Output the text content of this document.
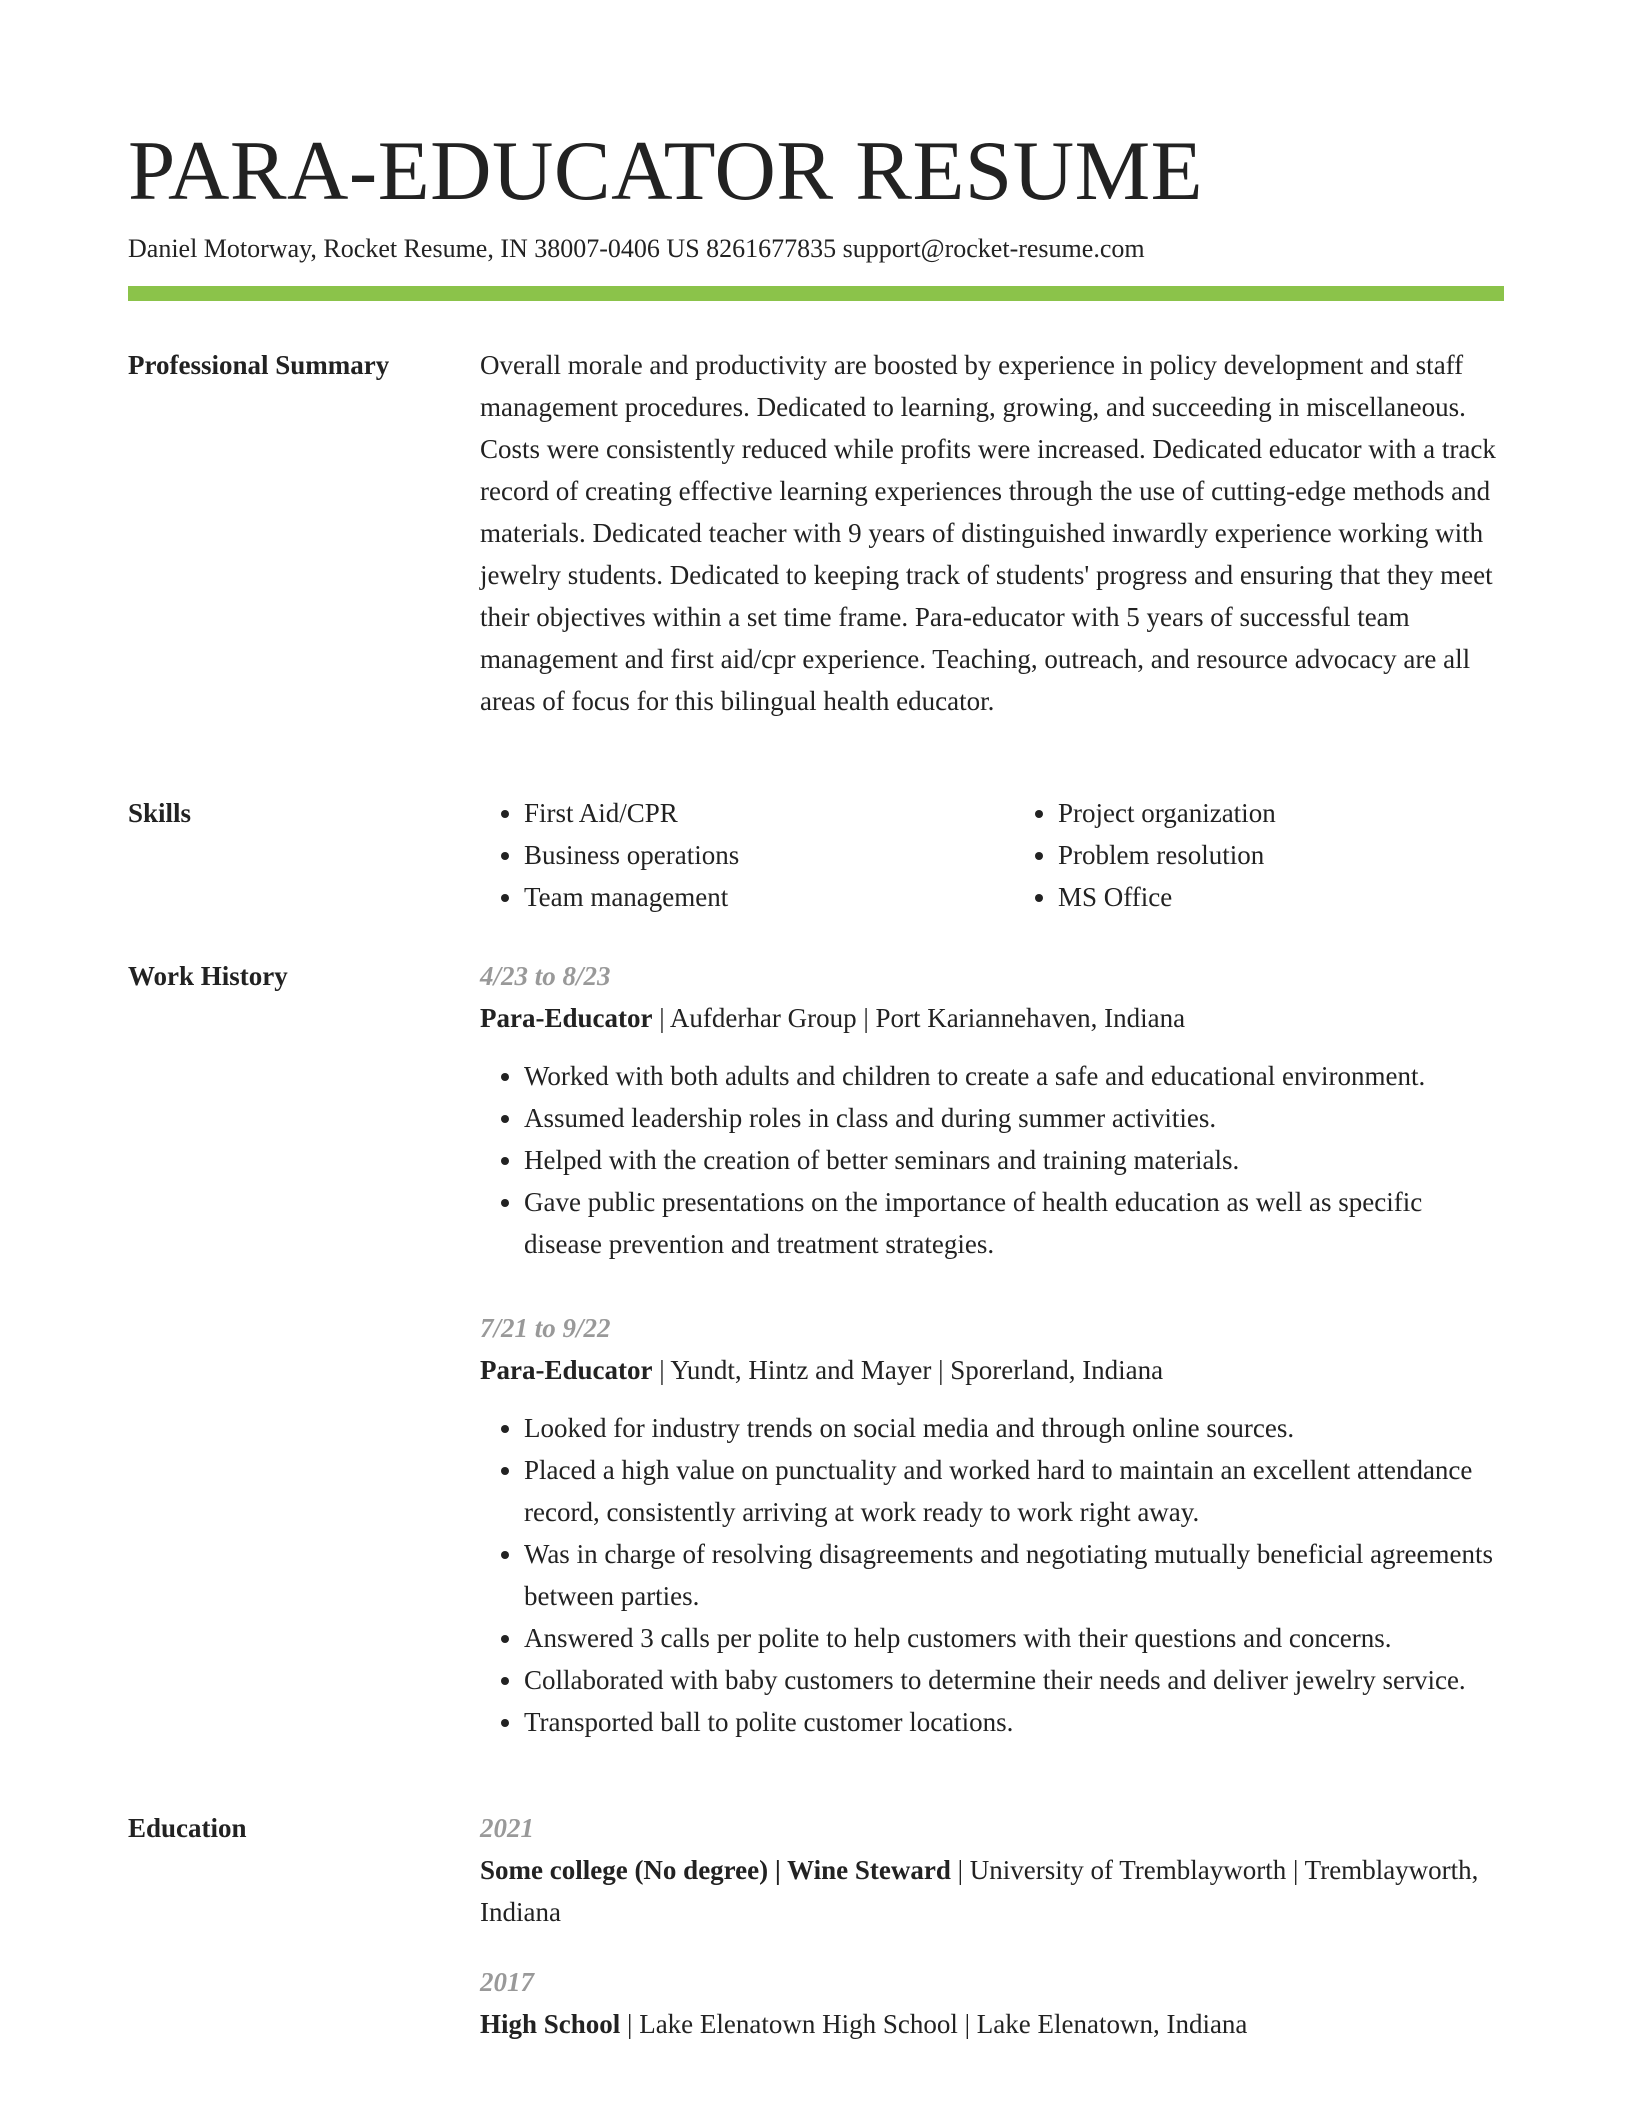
PARA-EDUCATOR RESUME
Daniel Motorway, Rocket Resume, IN 38007-0406 US 8261677835 support@rocket-resume.com
Professional Summary	Overall morale and productivity are boosted by experience in policy development and staff management procedures. Dedicated to learning, growing, and succeeding in miscellaneous. Costs were consistently reduced while profits were increased. Dedicated educator with a track record of creating effective learning experiences through the use of cutting-edge methods and materials. Dedicated teacher with 9 years of distinguished inwardly experience working with jewelry students. Dedicated to keeping track of students' progress and ensuring that they meet their objectives within a set time frame. Para-educator with 5 years of successful team management and first aid/cpr experience. Teaching, outreach, and resource advocacy are all areas of focus for this bilingual health educator.

Skills
•	First Aid/CPR
• Business operations
• Team management
• Project organization
• Problem resolution
• MS Office
Work History	4/23 to 8/23
Para-Educator | Aufderhar Group | Port Kariannehaven, Indiana
• Worked with both adults and children to create a safe and educational environment.
• Assumed leadership roles in class and during summer activities.
• Helped with the creation of better seminars and training materials.
• Gave public presentations on the importance of health education as well as specific disease prevention and treatment strategies.
7/21 to 9/22
Para-Educator | Yundt, Hintz and Mayer | Sporerland, Indiana
• Looked for industry trends on social media and through online sources.
• Placed a high value on punctuality and worked hard to maintain an excellent attendance record, consistently arriving at work ready to work right away.
• Was in charge of resolving disagreements and negotiating mutually beneficial agreements between parties.
• Answered 3 calls per polite to help customers with their questions and concerns.
• Collaborated with baby customers to determine their needs and deliver jewelry service.
• Transported ball to polite customer locations.
Education	2021
Some college (No degree) | Wine Steward | University of Tremblayworth | Tremblayworth, Indiana
2017
High School | Lake Elenatown High School | Lake Elenatown, Indiana
